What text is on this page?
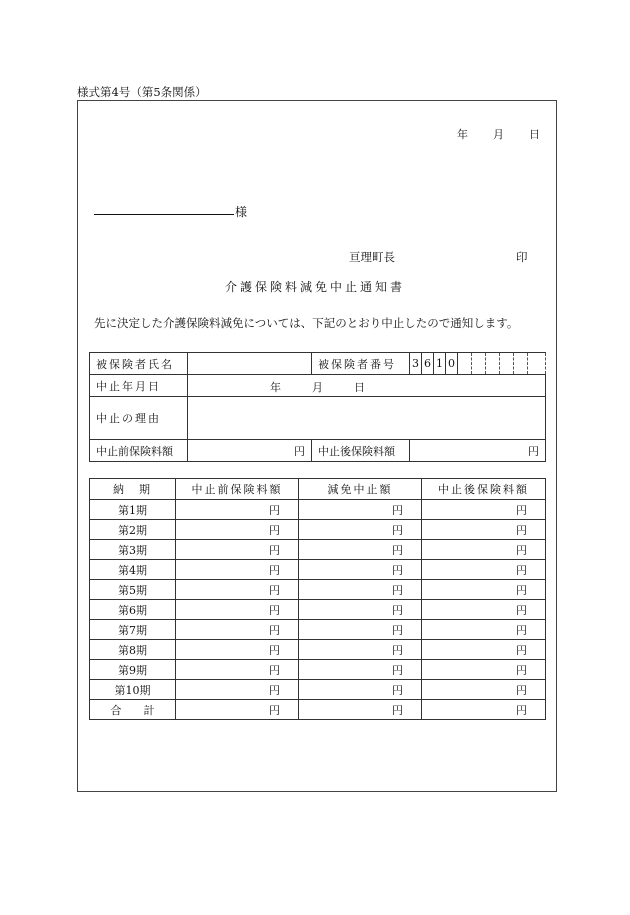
様式第4号（第5条関係）
年 月 日
様
亘理町長	印
介護保険料減免中止通知書
先に決定した介護保険料減免については、下記のとおり中止したので通知します。
被保険者氏名		被保険者番号	3	6	1	0						
中止年月日	年 月 日											

中止の理由												
中止前保険料額	円	中止後保険料額	円									
納　期	中止前保険料額	減免中止額	中止後保険料額
第1期	円	円	円
第2期	円	円	円
第3期	円	円	円
第4期	円	円	円
第5期	円	円	円
第6期	円	円	円
第7期	円	円	円
第8期	円	円	円
第9期	円	円	円
第10期	円	円	円
合　　計	円	円	円
